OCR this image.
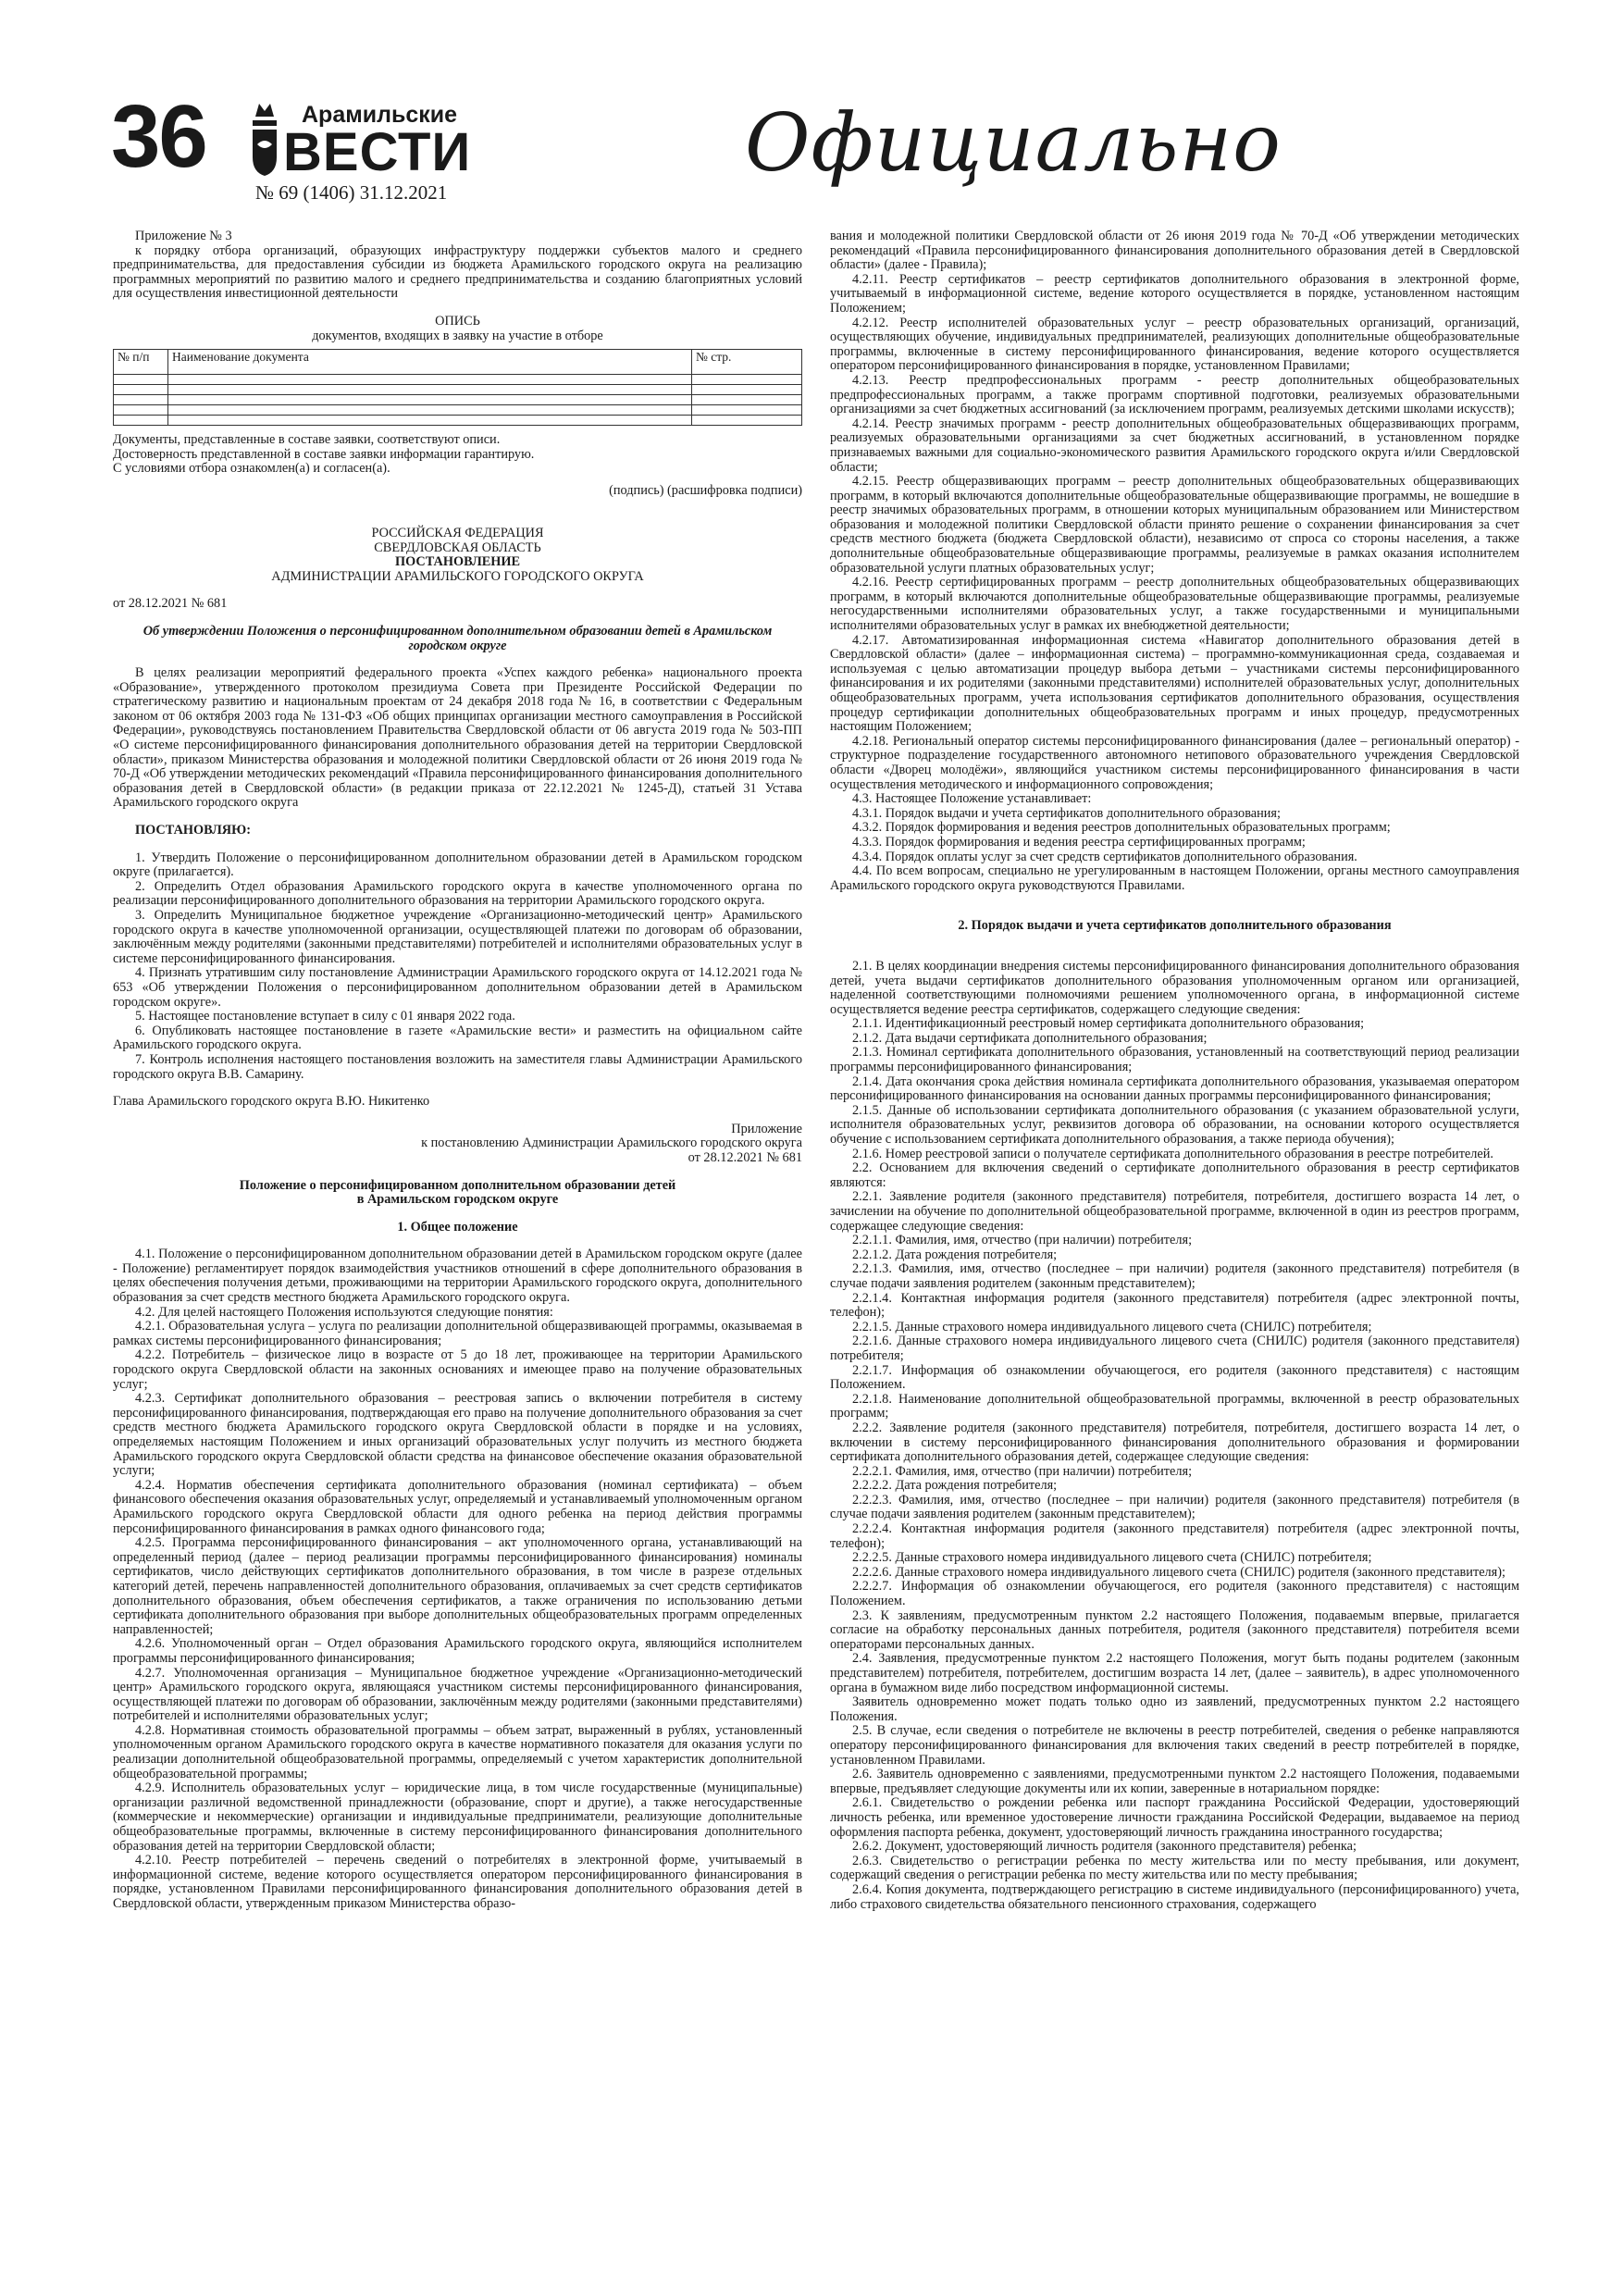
36	Арамильские
ВЕСТИ
№ 69 (1406) 31.12.2021
Официально

Приложение № 3

к порядку отбора организаций, образующих инфраструктуру поддержки субъектов малого и среднего предпринимательства, для предоставления субсидии из бюджета Арамильского городского округа на реализацию программных мероприятий по развитию малого и среднего предпринимательства и созданию благоприятных условий для осуществления инвестиционной деятельности

ОПИСЬ

документов, входящих в заявку на участие в отборе

№ п/п	Наименование документа	№ стр.

Документы, представленные в составе заявки, соответствуют описи.

Достоверность представленной в составе заявки информации гарантирую.

С условиями отбора ознакомлен(а) и согласен(а).

(подпись) (расшифровка подписи)

РОССИЙСКАЯ ФЕДЕРАЦИЯ

СВЕРДЛОВСКАЯ ОБЛАСТЬ

ПОСТАНОВЛЕНИЕ

АДМИНИСТРАЦИИ АРАМИЛЬСКОГО ГОРОДСКОГО ОКРУГА

от 28.12.2021 № 681

Об утверждении Положения о персонифицированном дополнительном образовании детей в Арамильском городском округе

В целях реализации мероприятий федерального проекта «Успех каждого ребенка» национального проекта «Образование», утвержденного протоколом президиума Совета при Президенте Российской Федерации по стратегическому развитию и национальным проектам от 24 декабря 2018 года № 16, в соответствии с Федеральным законом от 06 октября 2003 года № 131-ФЗ «Об общих принципах организации местного самоуправления в Российской Федерации», руководствуясь постановлением Правительства Свердловской области от 06 августа 2019 года № 503-ПП «О системе персонифицированного финансирования дополнительного образования детей на территории Свердловской области», приказом Министерства образования и молодежной политики Свердловской области от 26 июня 2019 года № 70-Д «Об утверждении методических рекомендаций «Правила персонифицированного финансирования дополнительного образования детей в Свердловской области» (в редакции приказа от 22.12.2021 № 1245-Д), статьей 31 Устава Арамильского городского округа

ПОСТАНОВЛЯЮ:

1. Утвердить Положение о персонифицированном дополнительном образовании детей в Арамильском городском округе (прилагается).

2. Определить Отдел образования Арамильского городского округа в качестве уполномоченного органа по реализации персонифицированного дополнительного образования на территории Арамильского городского округа.

3. Определить Муниципальное бюджетное учреждение «Организационно-методический центр» Арамильского городского округа в качестве уполномоченной организации, осуществляющей платежи по договорам об образовании, заключённым между родителями (законными представителями) потребителей и исполнителями образовательных услуг в системе персонифицированного финансирования.

4. Признать утратившим силу постановление Администрации Арамильского городского округа от 14.12.2021 года № 653 «Об утверждении Положения о персонифицированном дополнительном образовании детей в Арамильском городском округе».

5. Настоящее постановление вступает в силу с 01 января 2022 года.

6. Опубликовать настоящее постановление в газете «Арамильские вести» и разместить на официальном сайте Арамильского городского округа.

7. Контроль исполнения настоящего постановления возложить на заместителя главы Администрации Арамильского городского округа В.В. Самарину.

Глава Арамильского городского округа В.Ю. Никитенко

Приложение

к постановлению Администрации Арамильского городского округа

от 28.12.2021 № 681

Положение о персонифицированном дополнительном образовании детей

в Арамильском городском округе

1. Общее положение

4.1. Положение о персонифицированном дополнительном образовании детей в Арамильском городском округе (далее - Положение) регламентирует порядок взаимодействия участников отношений в сфере дополнительного образования в целях обеспечения получения детьми, проживающими на территории Арамильского городского округа, дополнительного образования за счет средств местного бюджета Арамильского городского округа.

4.2. Для целей настоящего Положения используются следующие понятия:

4.2.1. Образовательная услуга – услуга по реализации дополнительной общеразвивающей программы, оказываемая в рамках системы персонифицированного финансирования;

4.2.2. Потребитель – физическое лицо в возрасте от 5 до 18 лет, проживающее на территории Арамильского городского округа Свердловской области на законных основаниях и имеющее право на получение образовательных услуг;

4.2.3. Сертификат дополнительного образования – реестровая запись о включении потребителя в систему персонифицированного финансирования, подтверждающая его право на получение дополнительного образования за счет средств местного бюджета Арамильского городского округа Свердловской области в порядке и на условиях, определяемых настоящим Положением и иных организаций образовательных услуг получить из местного бюджета Арамильского городского округа Свердловской области средства на финансовое обеспечение оказания образовательной услуги;

4.2.4. Норматив обеспечения сертификата дополнительного образования (номинал сертификата) – объем финансового обеспечения оказания образовательных услуг, определяемый и устанавливаемый уполномоченным органом Арамильского городского округа Свердловской области для одного ребенка на период действия программы персонифицированного финансирования в рамках одного финансового года;

4.2.5. Программа персонифицированного финансирования – акт уполномоченного органа, устанавливающий на определенный период (далее – период реализации программы персонифицированного финансирования) номиналы сертификатов, число действующих сертификатов дополнительного образования, в том числе в разрезе отдельных категорий детей, перечень направленностей дополнительного образования, оплачиваемых за счет средств сертификатов дополнительного образования, объем обеспечения сертификатов, а также ограничения по использованию детьми сертификата дополнительного образования при выборе дополнительных общеобразовательных программ определенных направленностей;

4.2.6. Уполномоченный орган – Отдел образования Арамильского городского округа, являющийся исполнителем программы персонифицированного финансирования;

4.2.7. Уполномоченная организация – Муниципальное бюджетное учреждение «Организационно-методический центр» Арамильского городского округа, являющаяся участником системы персонифицированного финансирования, осуществляющей платежи по договорам об образовании, заключённым между родителями (законными представителями) потребителей и исполнителями образовательных услуг;

4.2.8. Нормативная стоимость образовательной программы – объем затрат, выраженный в рублях, установленный уполномоченным органом Арамильского городского округа в качестве нормативного показателя для оказания услуги по реализации дополнительной общеобразовательной программы, определяемый с учетом характеристик дополнительной общеобразовательной программы;

4.2.9. Исполнитель образовательных услуг – юридические лица, в том числе государственные (муниципальные) организации различной ведомственной принадлежности (образование, спорт и другие), а также негосударственные (коммерческие и некоммерческие) организации и индивидуальные предприниматели, реализующие дополнительные общеобразовательные программы, включенные в систему персонифицированного финансирования дополнительного образования детей на территории Свердловской области;

4.2.10. Реестр потребителей – перечень сведений о потребителях в электронной форме, учитываемый в информационной системе, ведение которого осуществляется оператором персонифицированного финансирования в порядке, установленном Правилами персонифицированного финансирования дополнительного образования детей в Свердловской области, утвержденным приказом Министерства образо-

вания и молодежной политики Свердловской области от 26 июня 2019 года № 70-Д «Об утверждении методических рекомендаций «Правила персонифицированного финансирования дополнительного образования детей в Свердловской области» (далее - Правила);

4.2.11. Реестр сертификатов – реестр сертификатов дополнительного образования в электронной форме, учитываемый в информационной системе, ведение которого осуществляется в порядке, установленном настоящим Положением;

4.2.12. Реестр исполнителей образовательных услуг – реестр образовательных организаций, организаций, осуществляющих обучение, индивидуальных предпринимателей, реализующих дополнительные общеобразовательные программы, включенные в систему персонифицированного финансирования, ведение которого осуществляется оператором персонифицированного финансирования в порядке, установленном Правилами;

4.2.13. Реестр предпрофессиональных программ - реестр дополнительных общеобразовательных предпрофессиональных программ, а также программ спортивной подготовки, реализуемых образовательными организациями за счет бюджетных ассигнований (за исключением программ, реализуемых детскими школами искусств);

4.2.14. Реестр значимых программ - реестр дополнительных общеобразовательных общеразвивающих программ, реализуемых образовательными организациями за счет бюджетных ассигнований, в установленном порядке признаваемых важными для социально-экономического развития Арамильского городского округа и/или Свердловской области;

4.2.15. Реестр общеразвивающих программ – реестр дополнительных общеобразовательных общеразвивающих программ, в который включаются дополнительные общеобразовательные общеразвивающие программы, не вошедшие в реестр значимых образовательных программ, в отношении которых муниципальным образованием или Министерством образования и молодежной политики Свердловской области принято решение о сохранении финансирования за счет средств местного бюджета (бюджета Свердловской области), независимо от спроса со стороны населения, а также дополнительные общеобразовательные общеразвивающие программы, реализуемые в рамках оказания исполнителем образовательной услуги платных образовательных услуг;

4.2.16. Реестр сертифицированных программ – реестр дополнительных общеобразовательных общеразвивающих программ, в который включаются дополнительные общеобразовательные общеразвивающие программы, реализуемые негосударственными исполнителями образовательных услуг, а также государственными и муниципальными исполнителями образовательных услуг в рамках их внебюджетной деятельности;

4.2.17. Автоматизированная информационная система «Навигатор дополнительного образования детей в Свердловской области» (далее – информационная система) – программно-коммуникационная среда, создаваемая и используемая с целью автоматизации процедур выбора детьми – участниками системы персонифицированного финансирования и их родителями (законными представителями) исполнителей образовательных услуг, дополнительных общеобразовательных программ, учета использования сертификатов дополнительного образования, осуществления процедур сертификации дополнительных общеобразовательных программ и иных процедур, предусмотренных настоящим Положением;

4.2.18. Региональный оператор системы персонифицированного финансирования (далее – региональный оператор) - структурное подразделение государственного автономного нетипового образовательного учреждения Свердловской области «Дворец молодёжи», являющийся участником системы персонифицированного финансирования в части осуществления методического и информационного сопровождения;

4.3. Настоящее Положение устанавливает:

4.3.1. Порядок выдачи и учета сертификатов дополнительного образования;

4.3.2. Порядок формирования и ведения реестров дополнительных образовательных программ;

4.3.3. Порядок формирования и ведения реестра сертифицированных программ;

4.3.4. Порядок оплаты услуг за счет средств сертификатов дополнительного образования.

4.4. По всем вопросам, специально не урегулированным в настоящем Положении, органы местного самоуправления Арамильского городского округа руководствуются Правилами.

2. Порядок выдачи и учета сертификатов дополнительного образования

2.1. В целях координации внедрения системы персонифицированного финансирования дополнительного образования детей, учета выдачи сертификатов дополнительного образования уполномоченным органом или организацией, наделенной соответствующими полномочиями решением уполномоченного органа, в информационной системе осуществляется ведение реестра сертификатов, содержащего следующие сведения:

2.1.1. Идентификационный реестровый номер сертификата дополнительного образования;

2.1.2. Дата выдачи сертификата дополнительного образования;

2.1.3. Номинал сертификата дополнительного образования, установленный на соответствующий период реализации программы персонифицированного финансирования;

2.1.4. Дата окончания срока действия номинала сертификата дополнительного образования, указываемая оператором персонифицированного финансирования на основании данных программы персонифицированного финансирования;

2.1.5. Данные об использовании сертификата дополнительного образования (с указанием образовательной услуги, исполнителя образовательных услуг, реквизитов договора об образовании, на основании которого осуществляется обучение с использованием сертификата дополнительного образования, а также периода обучения);

2.1.6. Номер реестровой записи о получателе сертификата дополнительного образования в реестре потребителей.

2.2. Основанием для включения сведений о сертификате дополнительного образования в реестр сертификатов являются:

2.2.1. Заявление родителя (законного представителя) потребителя, потребителя, достигшего возраста 14 лет, о зачислении на обучение по дополнительной общеобразовательной программе, включенной в один из реестров программ, содержащее следующие сведения:

2.2.1.1. Фамилия, имя, отчество (при наличии) потребителя;

2.2.1.2. Дата рождения потребителя;

2.2.1.3. Фамилия, имя, отчество (последнее – при наличии) родителя (законного представителя) потребителя (в случае подачи заявления родителем (законным представителем);

2.2.1.4. Контактная информация родителя (законного представителя) потребителя (адрес электронной почты, телефон);

2.2.1.5. Данные страхового номера индивидуального лицевого счета (СНИЛС) потребителя;

2.2.1.6. Данные страхового номера индивидуального лицевого счета (СНИЛС) родителя (законного представителя) потребителя;

2.2.1.7. Информация об ознакомлении обучающегося, его родителя (законного представителя) с настоящим Положением.

2.2.1.8. Наименование дополнительной общеобразовательной программы, включенной в реестр образовательных программ;

2.2.2. Заявление родителя (законного представителя) потребителя, потребителя, достигшего возраста 14 лет, о включении в систему персонифицированного финансирования дополнительного образования и формировании сертификата дополнительного образования детей, содержащее следующие сведения:

2.2.2.1. Фамилия, имя, отчество (при наличии) потребителя;

2.2.2.2. Дата рождения потребителя;

2.2.2.3. Фамилия, имя, отчество (последнее – при наличии) родителя (законного представителя) потребителя (в случае подачи заявления родителем (законным представителем);

2.2.2.4. Контактная информация родителя (законного представителя) потребителя (адрес электронной почты, телефон);

2.2.2.5. Данные страхового номера индивидуального лицевого счета (СНИЛС) потребителя;

2.2.2.6. Данные страхового номера индивидуального лицевого счета (СНИЛС) родителя (законного представителя);

2.2.2.7. Информация об ознакомлении обучающегося, его родителя (законного представителя) с настоящим Положением.

2.3. К заявлениям, предусмотренным пунктом 2.2 настоящего Положения, подаваемым впервые, прилагается согласие на обработку персональных данных потребителя, родителя (законного представителя) потребителя всеми операторами персональных данных.

2.4. Заявления, предусмотренные пунктом 2.2 настоящего Положения, могут быть поданы родителем (законным представителем) потребителя, потребителем, достигшим возраста 14 лет, (далее – заявитель), в адрес уполномоченного органа в бумажном виде либо посредством информационной системы.

Заявитель одновременно может подать только одно из заявлений, предусмотренных пунктом 2.2 настоящего Положения.

2.5. В случае, если сведения о потребителе не включены в реестр потребителей, сведения о ребенке направляются оператору персонифицированного финансирования для включения таких сведений в реестр потребителей в порядке, установленном Правилами.

2.6. Заявитель одновременно с заявлениями, предусмотренными пунктом 2.2 настоящего Положения, подаваемыми впервые, предъявляет следующие документы или их копии, заверенные в нотариальном порядке:

2.6.1. Свидетельство о рождении ребенка или паспорт гражданина Российской Федерации, удостоверяющий личность ребенка, или временное удостоверение личности гражданина Российской Федерации, выдаваемое на период оформления паспорта ребенка, документ, удостоверяющий личность гражданина иностранного государства;

2.6.2. Документ, удостоверяющий личность родителя (законного представителя) ребенка;

2.6.3. Свидетельство о регистрации ребенка по месту жительства или по месту пребывания, или документ, содержащий сведения о регистрации ребенка по месту жительства или по месту пребывания;

2.6.4. Копия документа, подтверждающего регистрацию в системе индивидуального (персонифицированного) учета, либо страхового свидетельства обязательного пенсионного страхования, содержащего
